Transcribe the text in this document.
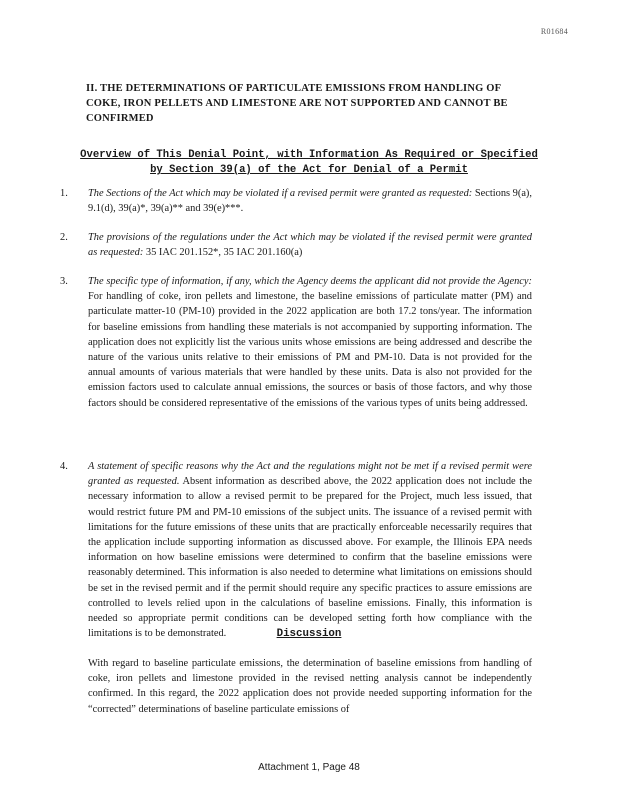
R01684
II. THE DETERMINATIONS OF PARTICULATE EMISSIONS FROM HANDLING OF COKE, IRON PELLETS AND LIMESTONE ARE NOT SUPPORTED AND CANNOT BE CONFIRMED
Overview of This Denial Point, with Information As Required or Specified by Section 39(a) of the Act for Denial of a Permit
1.	The Sections of the Act which may be violated if a revised permit were granted as requested: Sections 9(a), 9.1(d), 39(a)*, 39(a)** and 39(e)***.
2.	The provisions of the regulations under the Act which may be violated if the revised permit were granted as requested: 35 IAC 201.152*, 35 IAC 201.160(a)
3.	The specific type of information, if any, which the Agency deems the applicant did not provide the Agency: For handling of coke, iron pellets and limestone, the baseline emissions of particulate matter (PM) and particulate matter-10 (PM-10) provided in the 2022 application are both 17.2 tons/year. The information for baseline emissions from handling these materials is not accompanied by supporting information. The application does not explicitly list the various units whose emissions are being addressed and describe the nature of the various units relative to their emissions of PM and PM-10. Data is not provided for the annual amounts of various materials that were handled by these units. Data is also not provided for the emission factors used to calculate annual emissions, the sources or basis of those factors, and why those factors should be considered representative of the emissions of the various types of units being addressed.
4.	A statement of specific reasons why the Act and the regulations might not be met if a revised permit were granted as requested. Absent information as described above, the 2022 application does not include the necessary information to allow a revised permit to be prepared for the Project, much less issued, that would restrict future PM and PM-10 emissions of the subject units. The issuance of a revised permit with limitations for the future emissions of these units that are practically enforceable necessarily requires that the application include supporting information as discussed above. For example, the Illinois EPA needs information on how baseline emissions were determined to confirm that the baseline emissions were reasonably determined. This information is also needed to determine what limitations on emissions should be set in the revised permit and if the permit should require any specific practices to assure emissions are controlled to levels relied upon in the calculations of baseline emissions. Finally, this information is needed so appropriate permit conditions can be developed setting forth how compliance with the limitations is to be demonstrated.	Discussion
With regard to baseline particulate emissions, the determination of baseline emissions from handling of coke, iron pellets and limestone provided in the revised netting analysis cannot be independently confirmed. In this regard, the 2022 application does not provide needed supporting information for the “corrected” determinations of baseline particulate emissions of
Attachment 1, Page 48
